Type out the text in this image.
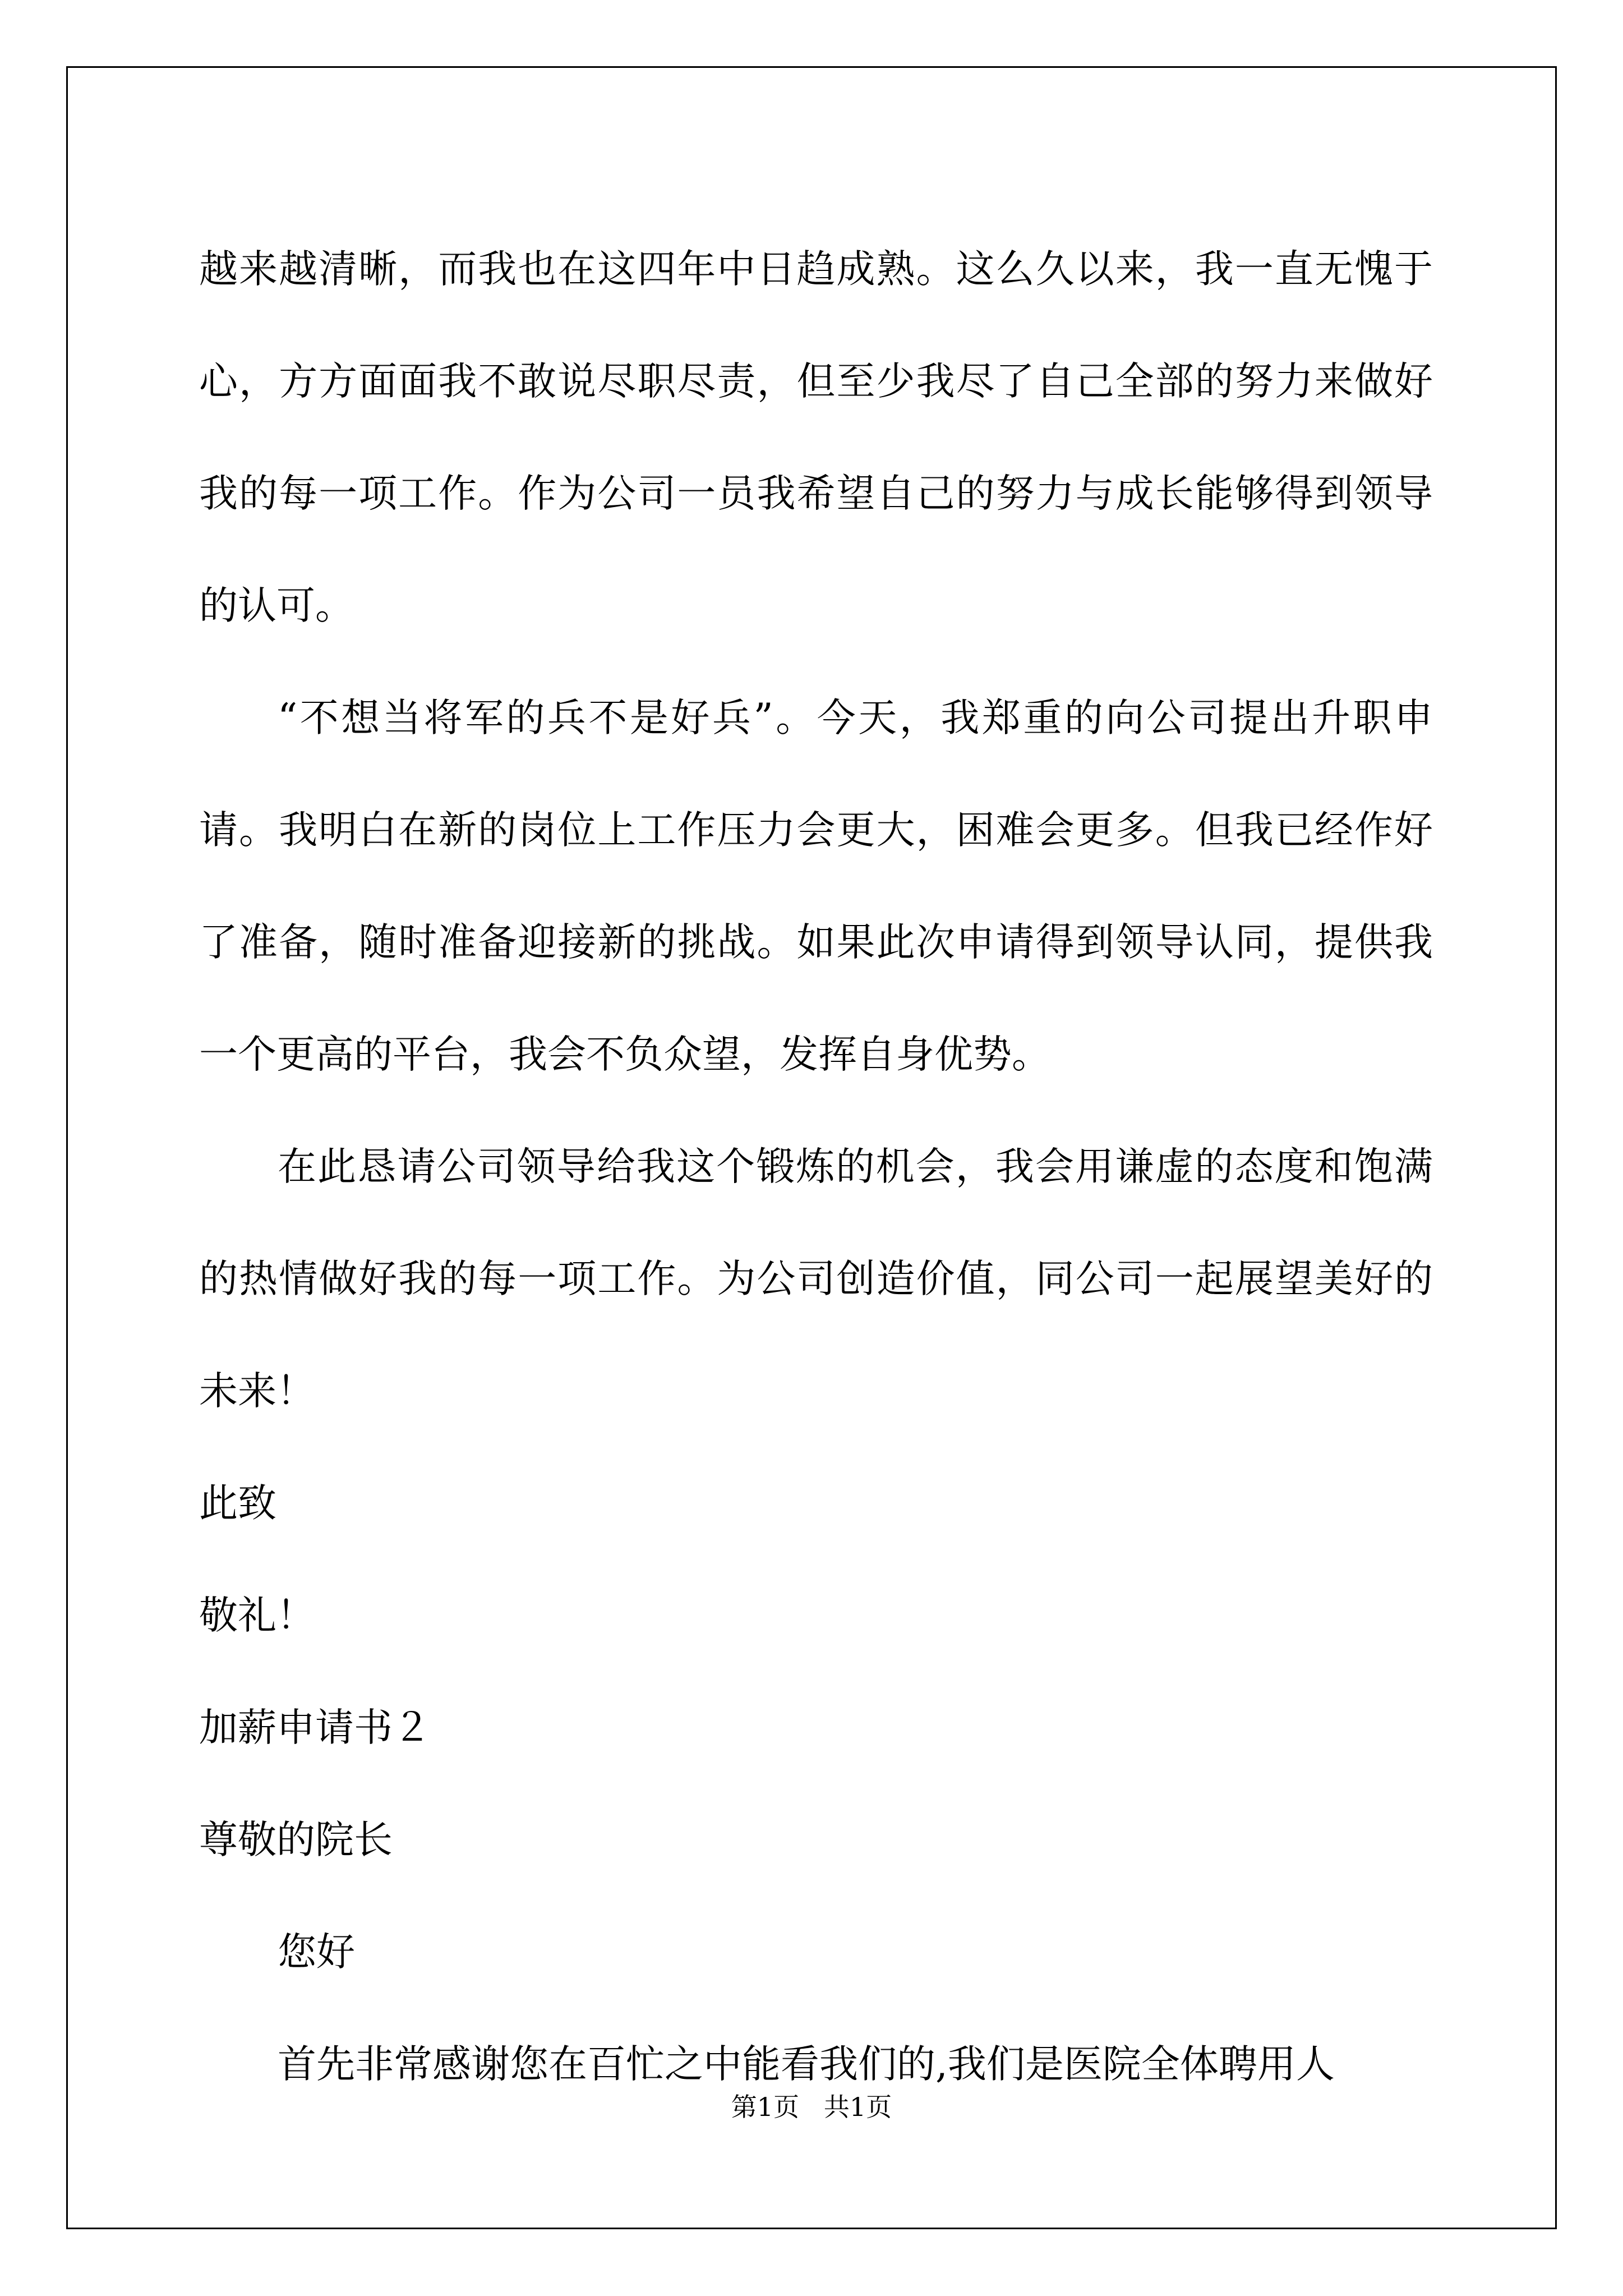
越来越清晰，而我也在这四年中日趋成熟。这么久以来，我一直无愧于心，方方面面我不敢说尽职尽责，但至少我尽了自己全部的努力来做好我的每一项工作。作为公司一员我希望自己的努力与成长能够得到领导的认可。

“不想当将军的兵不是好兵”。今天，我郑重的向公司提出升职申请。我明白在新的岗位上工作压力会更大，困难会更多。但我已经作好了准备，随时准备迎接新的挑战。如果此次申请得到领导认同，提供我一个更高的平台，我会不负众望，发挥自身优势。

在此恳请公司领导给我这个锻炼的机会，我会用谦虚的态度和饱满的热情做好我的每一项工作。为公司创造价值，同公司一起展望美好的未来！

此致

敬礼！

加薪申请书２

尊敬的院长

您好

首先非常感谢您在百忙之中能看我们的,我们是医院全体聘用人

第1页   共1页
